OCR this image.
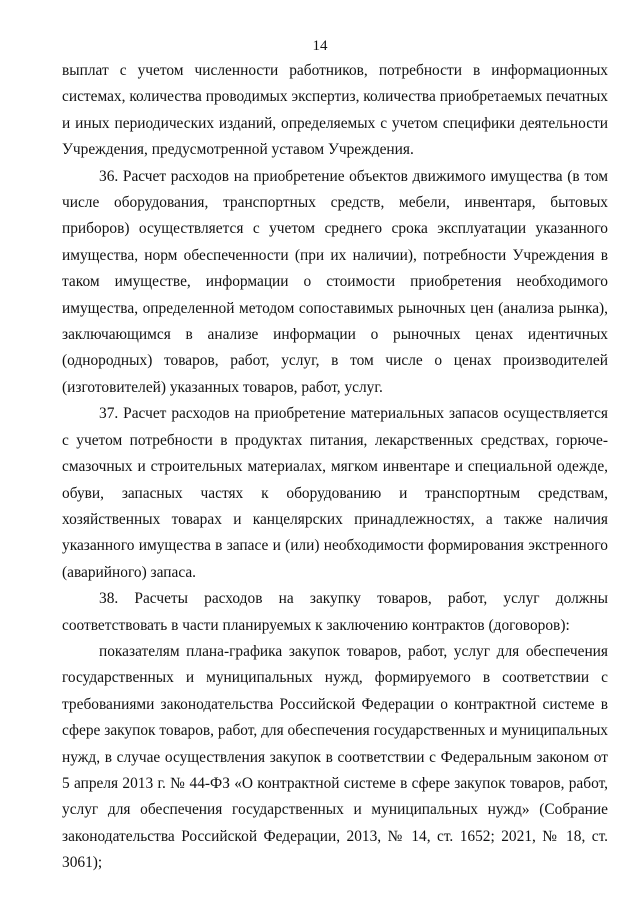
14

выплат с учетом численности работников, потребности в информационных системах, количества проводимых экспертиз, количества приобретаемых печатных и иных периодических изданий, определяемых с учетом специфики деятельности Учреждения, предусмотренной уставом Учреждения.

36. Расчет расходов на приобретение объектов движимого имущества (в том числе оборудования, транспортных средств, мебели, инвентаря, бытовых приборов) осуществляется с учетом среднего срока эксплуатации указанного имущества, норм обеспеченности (при их наличии), потребности Учреждения в таком имуществе, информации о стоимости приобретения необходимого имущества, определенной методом сопоставимых рыночных цен (анализа рынка), заключающимся в анализе информации о рыночных ценах идентичных (однородных) товаров, работ, услуг, в том числе о ценах производителей (изготовителей) указанных товаров, работ, услуг.

37. Расчет расходов на приобретение материальных запасов осуществляется с учетом потребности в продуктах питания, лекарственных средствах, горюче-смазочных и строительных материалах, мягком инвентаре и специальной одежде, обуви, запасных частях к оборудованию и транспортным средствам, хозяйственных товарах и канцелярских принадлежностях, а также наличия указанного имущества в запасе и (или) необходимости формирования экстренного (аварийного) запаса.

38. Расчеты расходов на закупку товаров, работ, услуг должны соответствовать в части планируемых к заключению контрактов (договоров):

показателям плана-графика закупок товаров, работ, услуг для обеспечения государственных и муниципальных нужд, формируемого в соответствии с требованиями законодательства Российской Федерации о контрактной системе в сфере закупок товаров, работ, для обеспечения государственных и муниципальных нужд, в случае осуществления закупок в соответствии с Федеральным законом от 5 апреля 2013 г. № 44-ФЗ «О контрактной системе в сфере закупок товаров, работ, услуг для обеспечения государственных и муниципальных нужд» (Собрание законодательства Российской Федерации, 2013, № 14, ст. 1652; 2021, № 18, ст. 3061);
